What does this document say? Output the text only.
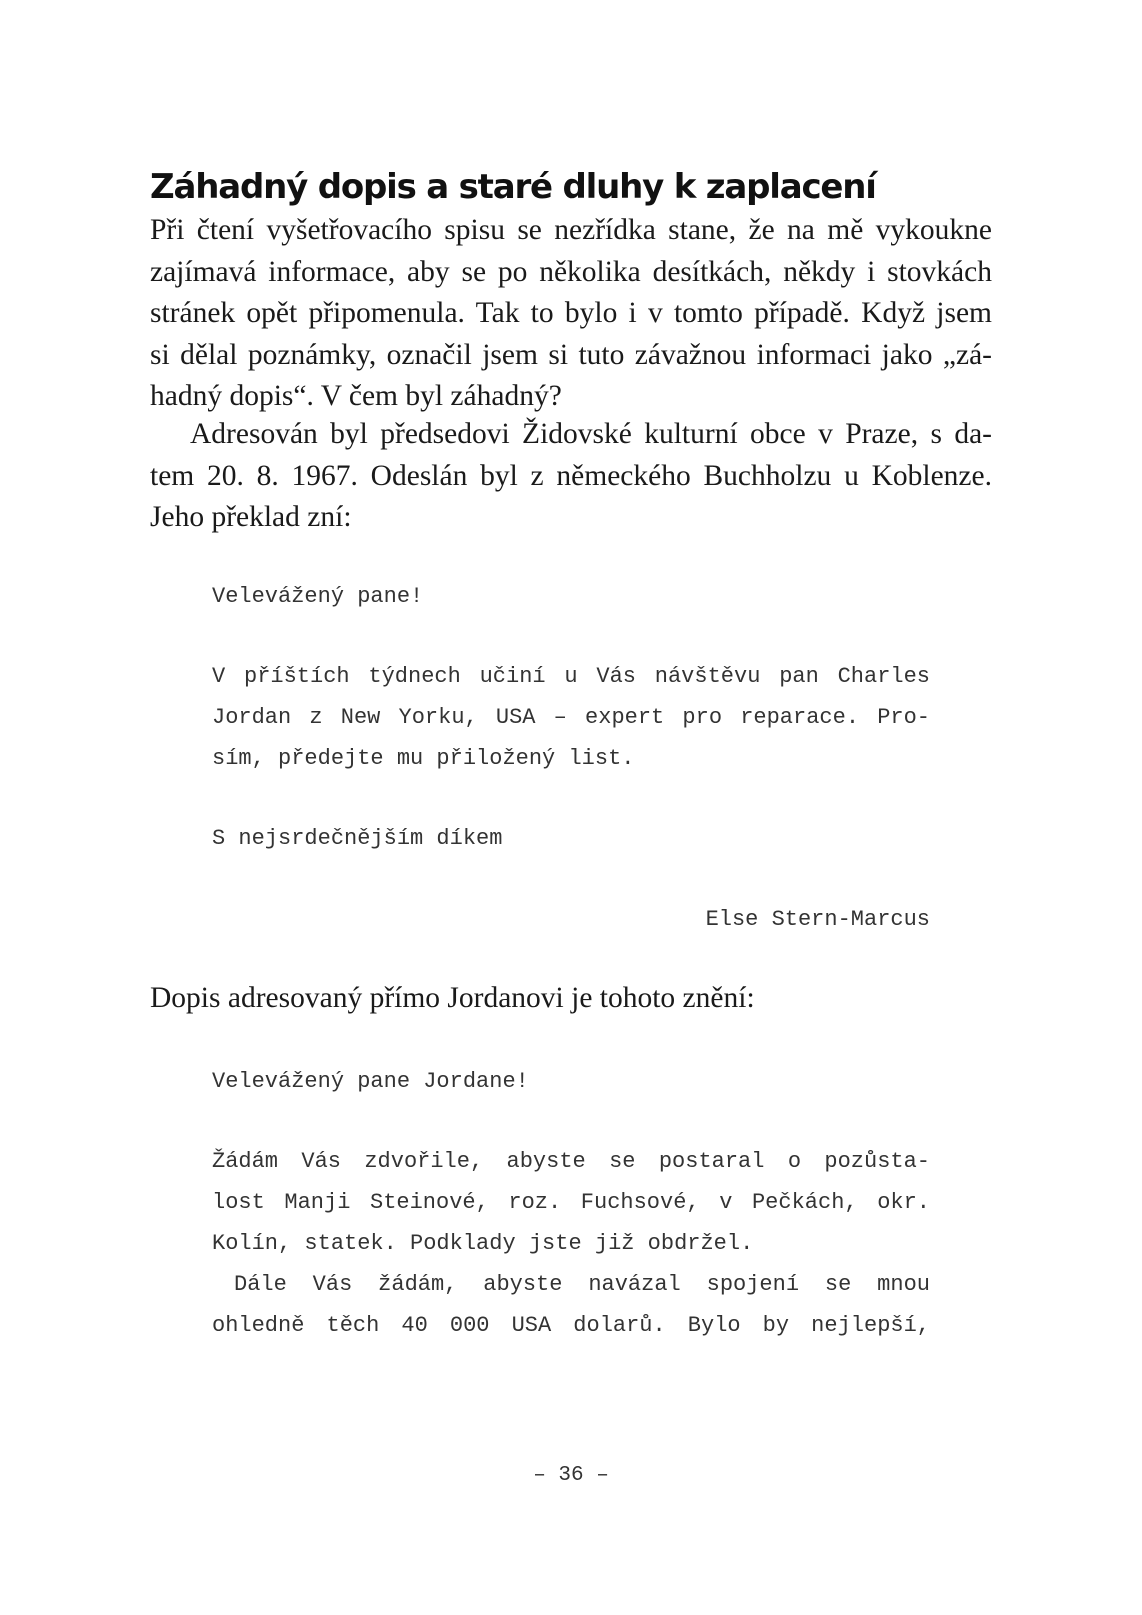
Záhadný dopis a staré dluhy k zaplacení
Při čtení vyšetřovacího spisu se nezřídka stane, že na mě vykoukne
zajímavá informace, aby se po několika desítkách, někdy i stovkách
stránek opět připomenula. Tak to bylo i v tomto případě. Když jsem
si dělal poznámky, označil jsem si tuto závažnou informaci jako „zá-
hadný dopis“. V čem byl záhadný?
Adresován byl předsedovi Židovské kulturní obce v Praze, s da-
tem 20. 8. 1967. Odeslán byl z německého Buchholzu u Koblenze.
Jeho překlad zní:
Velevážený pane!
V příštích týdnech učiní u Vás návštěvu pan Charles
Jordan z New Yorku, USA – expert pro reparace. Pro-
sím, předejte mu přiložený list.
S nejsrdečnějším díkem
Else Stern-Marcus
Dopis adresovaný přímo Jordanovi je tohoto znění:
Velevážený pane Jordane!
Žádám Vás zdvořile, abyste se postaral o pozůsta-
lost Manji Steinové, roz. Fuchsové, v Pečkách, okr.
Kolín, statek. Podklady jste již obdržel.
Dále Vás žádám, abyste navázal spojení se mnou
ohledně těch 40 000 USA dolarů. Bylo by nejlepší,
– 36 –
